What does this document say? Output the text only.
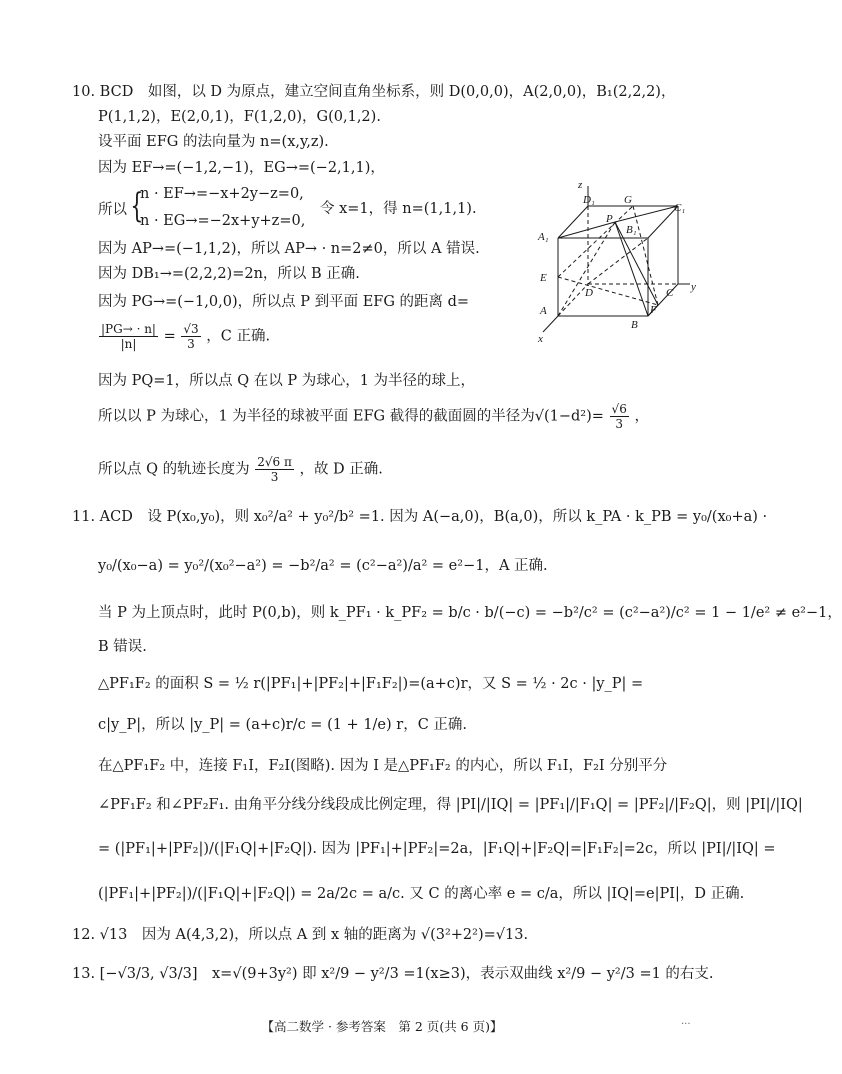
10. BCD　如图，以 D 为原点，建立空间直角坐标系，则 D(0,0,0)，A(2,0,0)，B₁(2,2,2)，
P(1,1,2)，E(2,0,1)，F(1,2,0)，G(0,1,2).
设平面 EFG 的法向量为 n=(x,y,z).
因为 EF→=(−1,2,−1)，EG→=(−2,1,1)，
所以 {
n · EF→=−x+2y−z=0,
n · EG→=−2x+y+z=0,
令 x=1，得 n=(1,1,1).
因为 AP→=(−1,1,2)，所以 AP→ · n=2≠0，所以 A 错误.
因为 DB₁→=(2,2,2)=2n，所以 B 正确.
因为 PG→=(−1,0,0)，所以点 P 到平面 EFG 的距离 d=
$\frac{|PG\to \cdot n|}{|n|} = \frac{√3}{3}$ ，C 正确.
因为 PQ=1，所以点 Q 在以 P 为球心，1 为半径的球上，
所以以 P 为球心，1 为半径的球被平面 EFG 截得的截面圆的半径为$√(1-d^2)= \frac{√6}{3}$ ，
所以点 Q 的轨迹长度为 $\frac{2√6 \pi}{3}$ ，故 D 正确.
z
y
x
D₁	G
C₁
P
B₁
A₁
E
D	C
F
A
B
11. ACD　设 P(x₀,y₀)，则 x₀²/a² + y₀²/b² =1. 因为 A(−a,0)，B(a,0)，所以 k_PA · k_PB = y₀/(x₀+a) ·
y₀/(x₀−a) = y₀²/(x₀²−a²) = −b²/a² = (c²−a²)/a² = e²−1，A 正确.
当 P 为上顶点时，此时 P(0,b)，则 k_PF₁ · k_PF₂ = b/c · b/(−c) = −b²/c² = (c²−a²)/c² = 1 − 1/e² ≠ e²−1，
B 错误.
△PF₁F₂ 的面积 S = ½ r(|PF₁|+|PF₂|+|F₁F₂|)=(a+c)r，又 S = ½ · 2c · |y_P| =
c|y_P|，所以 |y_P| = (a+c)r/c = (1 + 1/e) r，C 正确.
在△PF₁F₂ 中，连接 F₁I，F₂I(图略). 因为 I 是△PF₁F₂ 的内心，所以 F₁I，F₂I 分别平分
∠PF₁F₂ 和∠PF₂F₁. 由角平分线分线段成比例定理，得 |PI|/|IQ| = |PF₁|/|F₁Q| = |PF₂|/|F₂Q|，则 |PI|/|IQ|
= (|PF₁|+|PF₂|)/(|F₁Q|+|F₂Q|). 因为 |PF₁|+|PF₂|=2a，|F₁Q|+|F₂Q|=|F₁F₂|=2c，所以 |PI|/|IQ| =
(|PF₁|+|PF₂|)/(|F₁Q|+|F₂Q|) = 2a/2c = a/c. 又 C 的离心率 e = c/a，所以 |IQ|=e|PI|，D 正确.
12. √13　因为 A(4,3,2)，所以点 A 到 x 轴的距离为 √(3²+2²)=√13.
13. [−√3/3, √3/3]　x=√(9+3y²) 即 x²/9 − y²/3 =1(x≥3)，表示双曲线 x²/9 − y²/3 =1 的右支.
【高二数学 · 参考答案　第 2 页(共 6 页)】	...
